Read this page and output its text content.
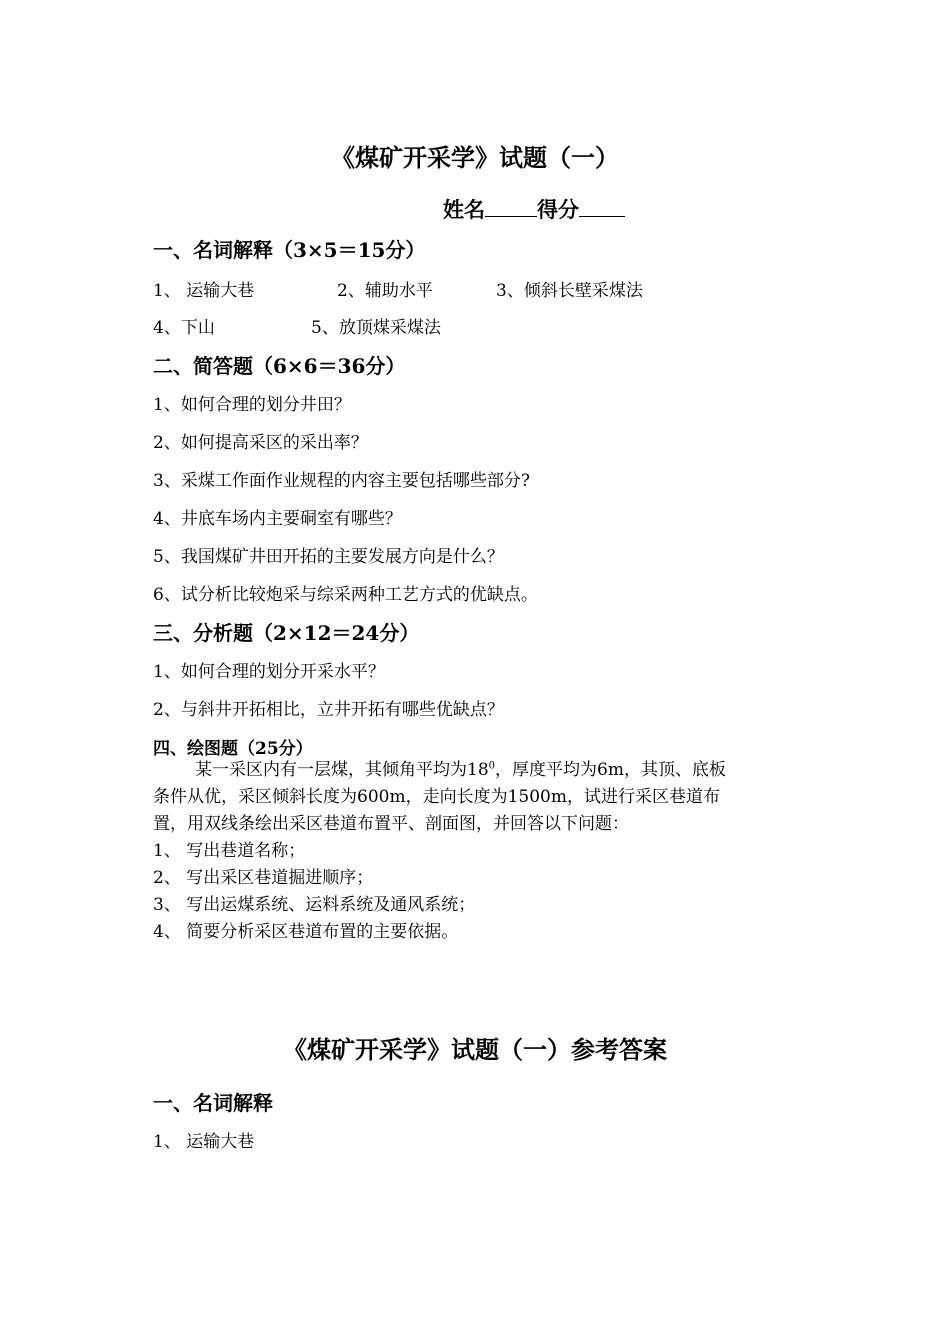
《煤矿开采学》试题（一）
姓名 得分
一、名词解释（3×5＝15分）
1、 运输大巷	2、辅助水平	3、倾斜长壁采煤法
4、下山	5、放顶煤采煤法
二、简答题（6×6＝36分）
1、如何合理的划分井田？
2、如何提高采区的采出率？
3、采煤工作面作业规程的内容主要包括哪些部分?
4、井底车场内主要硐室有哪些？
5、我国煤矿井田开拓的主要发展方向是什么？
6、试分析比较炮采与综采两种工艺方式的优缺点。
三、分析题（2×12＝24分）
1、如何合理的划分开采水平？
2、与斜井开拓相比，立井开拓有哪些优缺点？
四、绘图题（25分）
某一采区内有一层煤，其倾角平均为$18^0$，厚度平均为6m，其顶、底板
条件从优，采区倾斜长度为600m，走向长度为1500m，试进行采区巷道布
置，用双线条绘出采区巷道布置平、剖面图，并回答以下问题：
1、 写出巷道名称；
2、 写出采区巷道掘进顺序；
3、 写出运煤系统、运料系统及通风系统；
4、 简要分析采区巷道布置的主要依据。
《煤矿开采学》试题（一）参考答案
一、名词解释
1、 运输大巷
